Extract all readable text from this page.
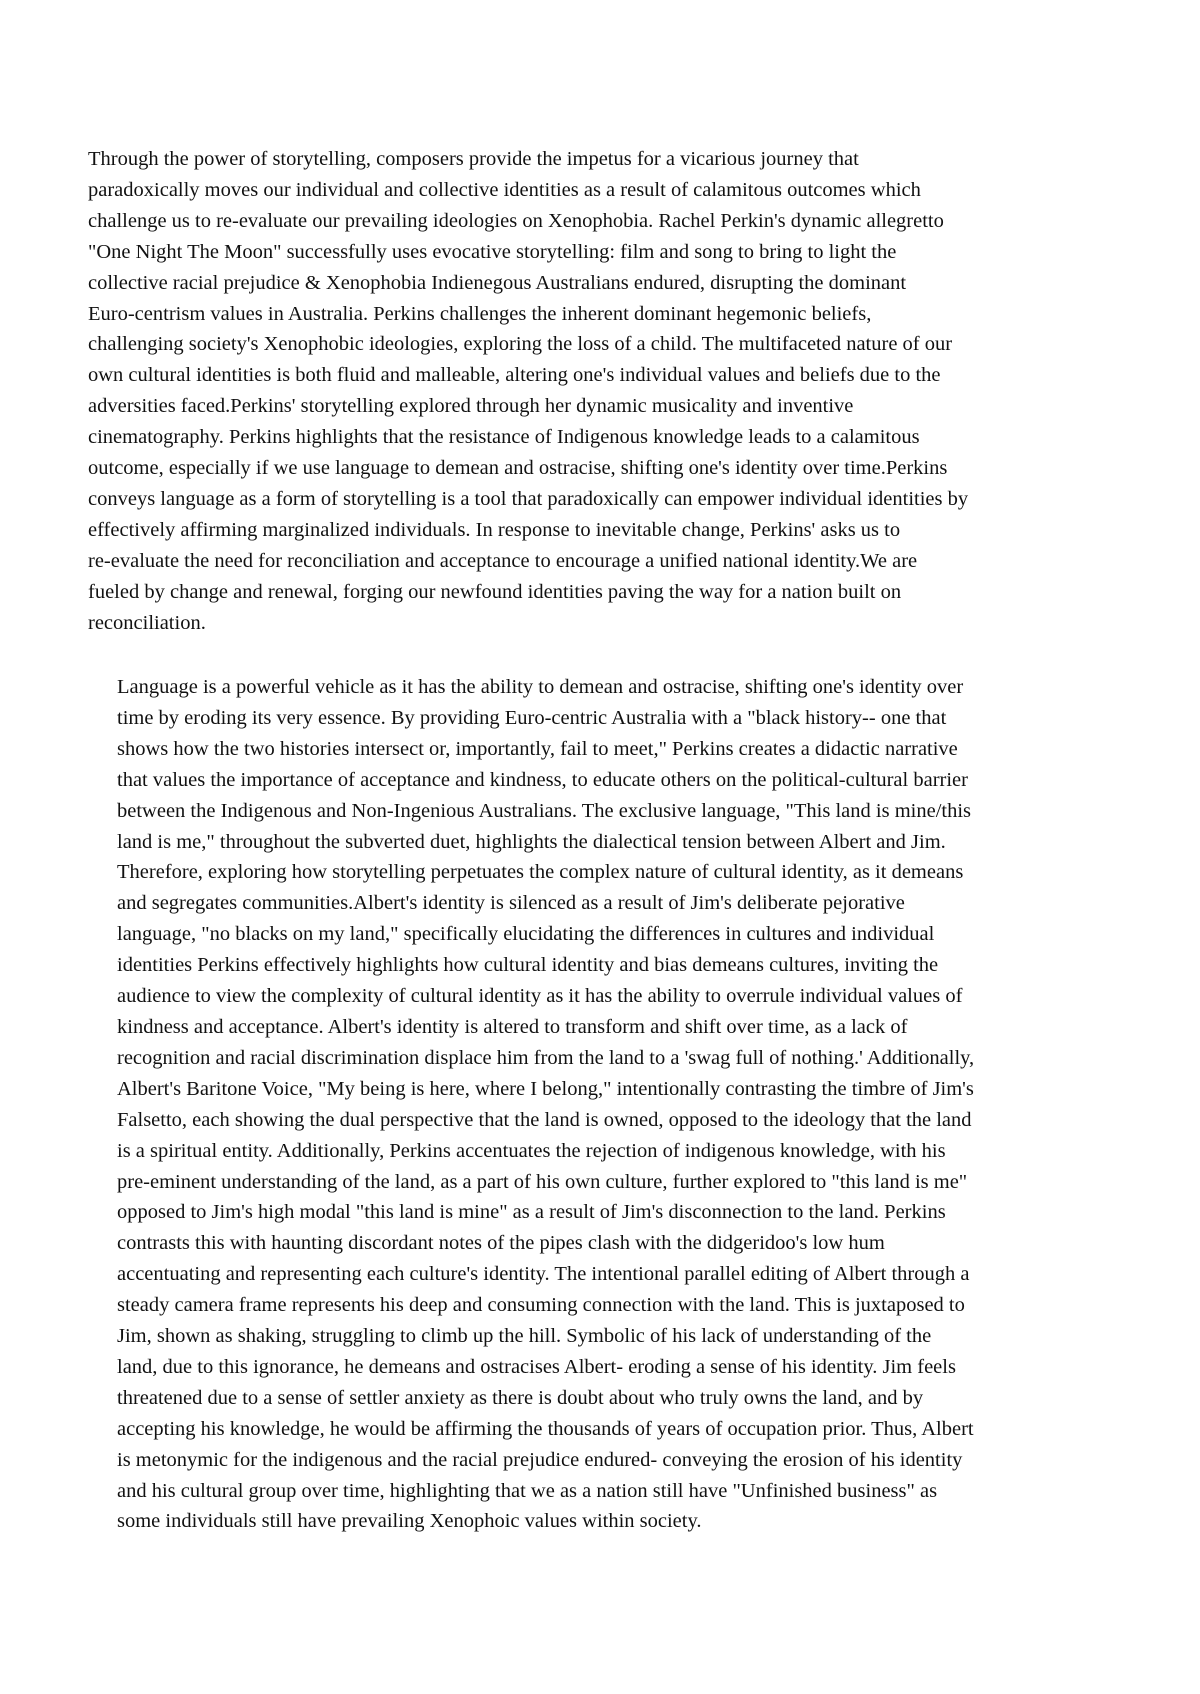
Through the power of storytelling, composers provide the impetus for a vicarious journey that
paradoxically moves our individual and collective identities as a result of calamitous outcomes which
challenge us to re-evaluate our prevailing ideologies on Xenophobia. Rachel Perkin's dynamic allegretto
"One Night The Moon" successfully uses evocative storytelling: film and song to bring to light the
collective racial prejudice & Xenophobia Indienegous Australians endured, disrupting the dominant
Euro-centrism values in Australia. Perkins challenges the inherent dominant hegemonic beliefs,
challenging society's Xenophobic ideologies, exploring the loss of a child. The multifaceted nature of our
own cultural identities is both fluid and malleable, altering one's individual values and beliefs due to the
adversities faced.Perkins' storytelling explored through her dynamic musicality and inventive
cinematography. Perkins highlights that the resistance of Indigenous knowledge leads to a calamitous
outcome, especially if we use language to demean and ostracise, shifting one's identity over time.Perkins
conveys language as a form of storytelling is a tool that paradoxically can empower individual identities by
effectively affirming marginalized individuals. In response to inevitable change, Perkins' asks us to
re-evaluate the need for reconciliation and acceptance to encourage a unified national identity.We are
fueled by change and renewal, forging our newfound identities paving the way for a nation built on
reconciliation.

Language is a powerful vehicle as it has the ability to demean and ostracise, shifting one's identity over
time by eroding its very essence. By providing Euro-centric Australia with a "black history-- one that
shows how the two histories intersect or, importantly, fail to meet," Perkins creates a didactic narrative
that values the importance of acceptance and kindness, to educate others on the political-cultural barrier
between the Indigenous and Non-Ingenious Australians. The exclusive language, "This land is mine/this
land is me," throughout the subverted duet, highlights the dialectical tension between Albert and Jim.
Therefore, exploring how storytelling perpetuates the complex nature of cultural identity, as it demeans
and segregates communities.Albert's identity is silenced as a result of Jim's deliberate pejorative
language, "no blacks on my land," specifically elucidating the differences in cultures and individual
identities Perkins effectively highlights how cultural identity and bias demeans cultures, inviting the
audience to view the complexity of cultural identity as it has the ability to overrule individual values of
kindness and acceptance. Albert's identity is altered to transform and shift over time, as a lack of
recognition and racial discrimination displace him from the land to a 'swag full of nothing.' Additionally,
Albert's Baritone Voice, "My being is here, where I belong," intentionally contrasting the timbre of Jim's
Falsetto, each showing the dual perspective that the land is owned, opposed to the ideology that the land
is a spiritual entity. Additionally, Perkins accentuates the rejection of indigenous knowledge, with his
pre-eminent understanding of the land, as a part of his own culture, further explored to "this land is me"
opposed to Jim's high modal "this land is mine" as a result of Jim's disconnection to the land. Perkins
contrasts this with haunting discordant notes of the pipes clash with the didgeridoo's low hum
accentuating and representing each culture's identity. The intentional parallel editing of Albert through a
steady camera frame represents his deep and consuming connection with the land. This is juxtaposed to
Jim, shown as shaking, struggling to climb up the hill. Symbolic of his lack of understanding of the
land, due to this ignorance, he demeans and ostracises Albert- eroding a sense of his identity. Jim feels
threatened due to a sense of settler anxiety as there is doubt about who truly owns the land, and by
accepting his knowledge, he would be affirming the thousands of years of occupation prior. Thus, Albert
is metonymic for the indigenous and the racial prejudice endured- conveying the erosion of his identity
and his cultural group over time, highlighting that we as a nation still have "Unfinished business" as
some individuals still have prevailing Xenophoic values within society.
